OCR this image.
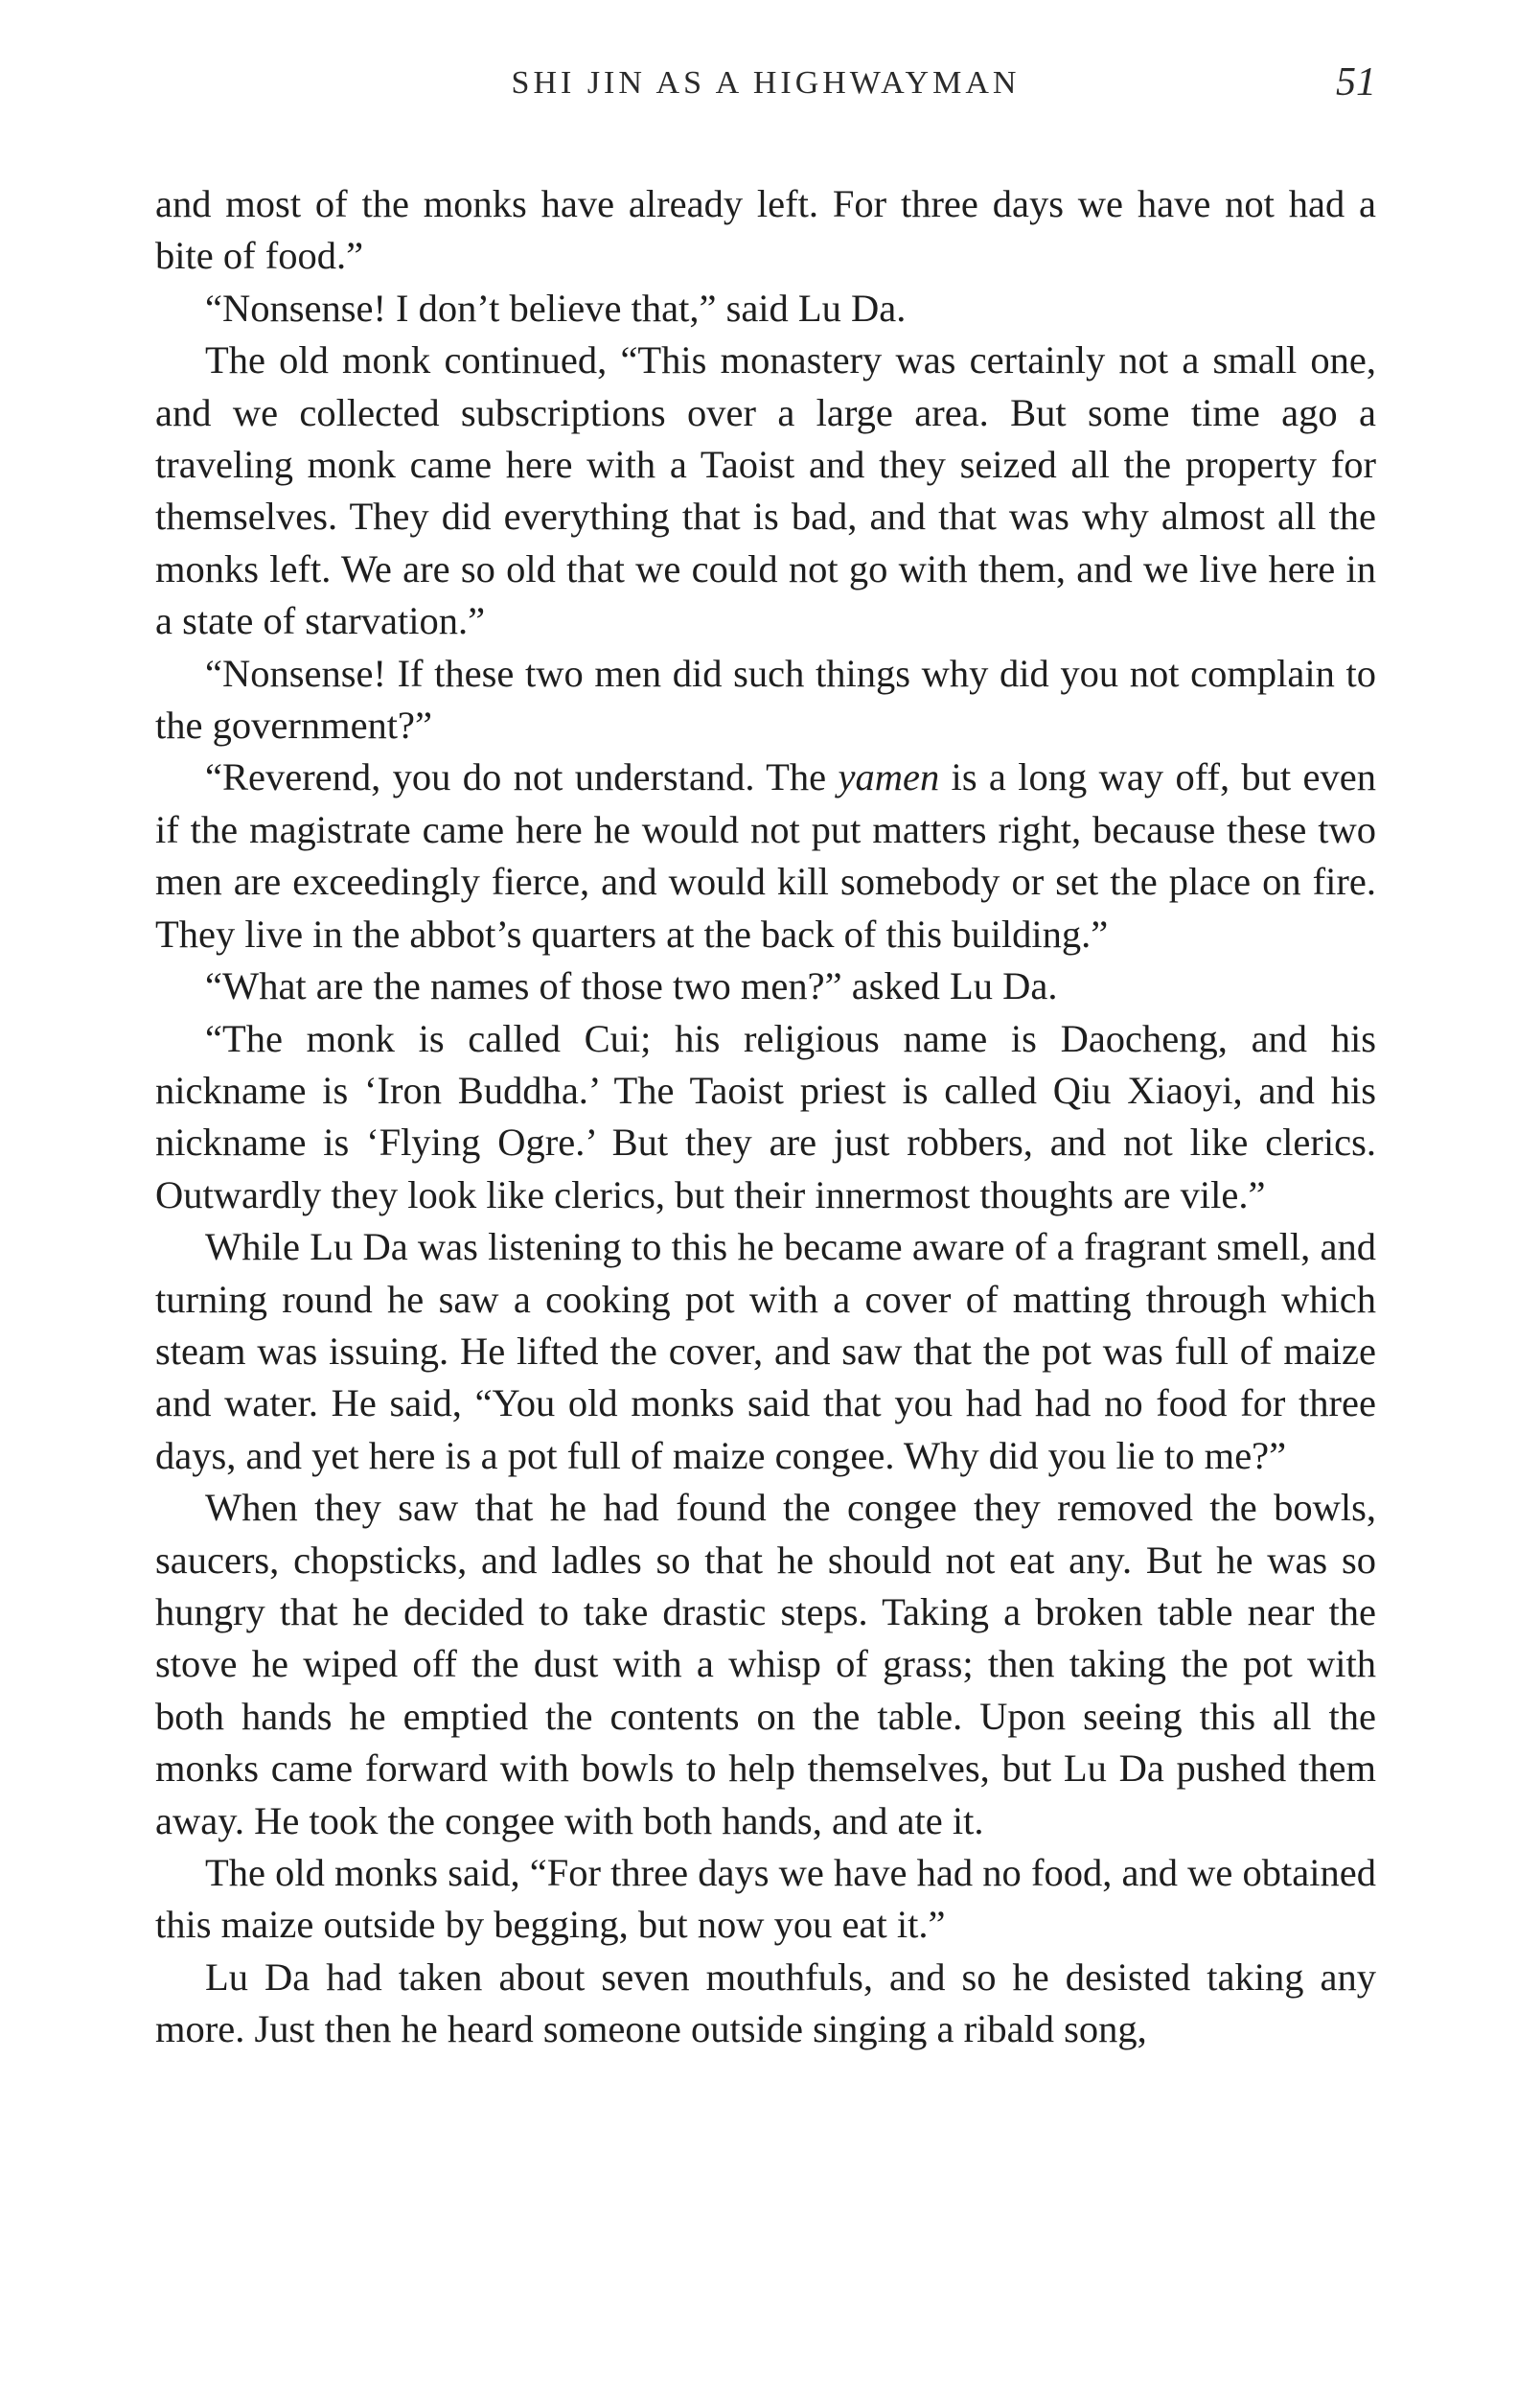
SHI JIN AS A HIGHWAYMAN	51

and most of the monks have already left. For three days we have not had a bite of food.”

“Nonsense! I don’t believe that,” said Lu Da.

The old monk continued, “This monastery was certainly not a small one, and we collected subscriptions over a large area. But some time ago a traveling monk came here with a Taoist and they seized all the property for themselves. They did everything that is bad, and that was why almost all the monks left. We are so old that we could not go with them, and we live here in a state of starvation.”

“Nonsense! If these two men did such things why did you not complain to the government?”

“Reverend, you do not understand. The yamen is a long way off, but even if the magistrate came here he would not put matters right, because these two men are exceedingly fierce, and would kill somebody or set the place on fire. They live in the abbot’s quarters at the back of this building.”

“What are the names of those two men?” asked Lu Da.

“The monk is called Cui; his religious name is Daocheng, and his nickname is ‘Iron Buddha.’ The Taoist priest is called Qiu Xiaoyi, and his nickname is ‘Flying Ogre.’ But they are just robbers, and not like clerics. Outwardly they look like clerics, but their innermost thoughts are vile.”

While Lu Da was listening to this he became aware of a fragrant smell, and turning round he saw a cooking pot with a cover of matting through which steam was issuing. He lifted the cover, and saw that the pot was full of maize and water. He said, “You old monks said that you had had no food for three days, and yet here is a pot full of maize congee. Why did you lie to me?”

When they saw that he had found the congee they removed the bowls, saucers, chopsticks, and ladles so that he should not eat any. But he was so hungry that he decided to take drastic steps. Taking a broken table near the stove he wiped off the dust with a whisp of grass; then taking the pot with both hands he emptied the contents on the table. Upon seeing this all the monks came forward with bowls to help themselves, but Lu Da pushed them away. He took the congee with both hands, and ate it.

The old monks said, “For three days we have had no food, and we obtained this maize outside by begging, but now you eat it.”

Lu Da had taken about seven mouthfuls, and so he desisted taking any more. Just then he heard someone outside singing a ribald song,
